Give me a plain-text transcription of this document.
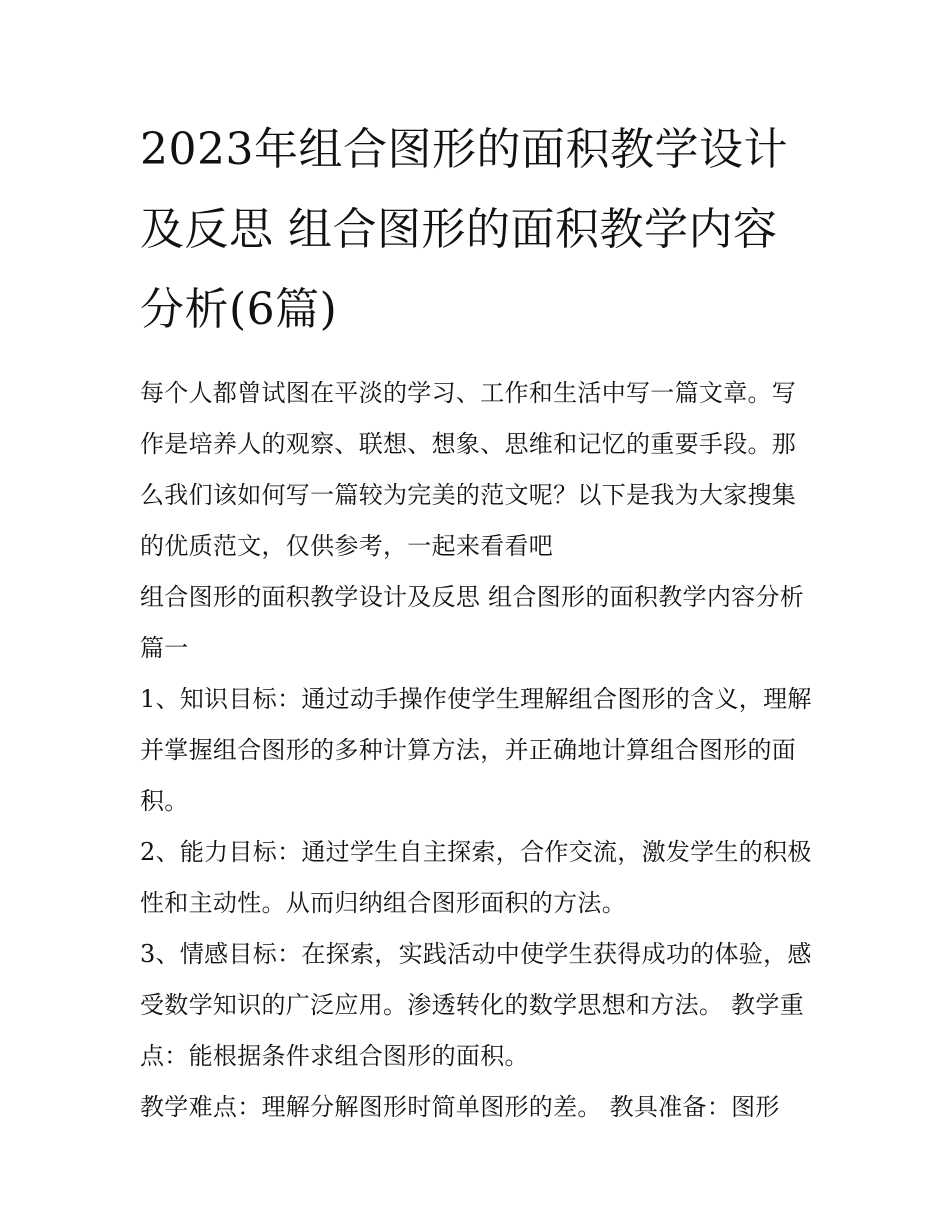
2023年组合图形的面积教学设计及反思 组合图形的面积教学内容分析(6篇)

每个人都曾试图在平淡的学习、工作和生活中写一篇文章。写作是培养人的观察、联想、想象、思维和记忆的重要手段。那么我们该如何写一篇较为完美的范文呢？以下是我为大家搜集的优质范文，仅供参考，一起来看看吧

组合图形的面积教学设计及反思 组合图形的面积教学内容分析篇一

1、知识目标：通过动手操作使学生理解组合图形的含义，理解并掌握组合图形的多种计算方法，并正确地计算组合图形的面积。

2、能力目标：通过学生自主探索，合作交流，激发学生的积极性和主动性。从而归纳组合图形面积的方法。

3、情感目标：在探索，实践活动中使学生获得成功的体验，感受数学知识的广泛应用。渗透转化的数学思想和方法。 教学重点：能根据条件求组合图形的面积。

教学难点：理解分解图形时简单图形的差。 教具准备：图形
